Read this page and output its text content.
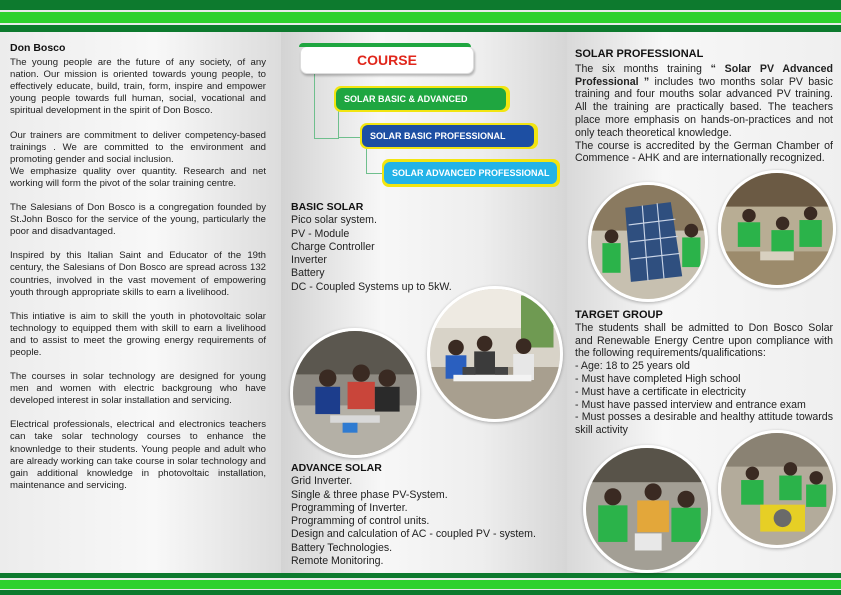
Don Bosco

The young people are the future of any society, of any nation. Our mission is oriented towards young people, to effectively educate, build, train, form, inspire and empower young people towards full human, social, vocational and spiritual development in the spirit of Don Bosco.

Our trainers are commitment to deliver competency-based trainings . We are committed to the environment and promoting gender and social inclusion.

We emphasize quality over quantity. Research and net working will form the pivot of the solar training centre.

The Salesians of Don Bosco is a congregation founded by St.John Bosco for the service of the young, particularly the poor and disadvantaged.

Inspired by this Italian Saint and Educator of the 19th century, the Salesians of Don Bosco are spread across 132 countries, involved in the vast movement of empowering youth through appropriate skills to earn a livelihood.

This intiative is aim to skill the youth in photovoltaic solar technology to equipped them with skill to earn a livelihood and to assist to meet the growing energy requirements of people.

The courses in solar technology are designed for young men and women with electric backgroung who have developed interest in solar installation and servicing.

Electrical professionals, electrical and electronics teachers can take solar technology courses to enhance the knownledge to their students. Young people and adult who are already working can take course in solar technology and gain additional knowledge in photovoltaic installation, maintenance and servicing.

COURSE
SOLAR BASIC & ADVANCED
SOLAR BASIC PROFESSIONAL
SOLAR ADVANCED PROFESSIONAL
BASIC SOLAR
Pico solar system.
PV - Module
Charge Controller
Inverter
Battery
DC - Coupled Systems up to 5kW.
ADVANCE SOLAR
Grid Inverter.
Single & three phase PV-System.
Programming of Inverter.
Programming of control units.
Design and calculation of AC - coupled PV - system.
Battery Technologies.
Remote Monitoring.

SOLAR PROFESSIONAL

The six months training “ Solar PV Advanced Professional ” includes two months solar PV basic training and four mouths solar advanced PV training. All the training are practically based. The teachers place more emphasis on hands-on-practices and not only teach theoretical knowledge.

The course is accredited by the German Chamber of Commence - AHK and are internationally recognized.

TARGET GROUP

The students shall be admitted to Don Bosco Solar and Renewable Energy Centre upon compliance with the following requirements/qualifications:

- Age: 18 to 25 years old

- Must have completed High school

- Must have a certificate in electricity

- Must have passed interview and entrance exam

- Must posses a desirable and healthy attitude towards skill activity
